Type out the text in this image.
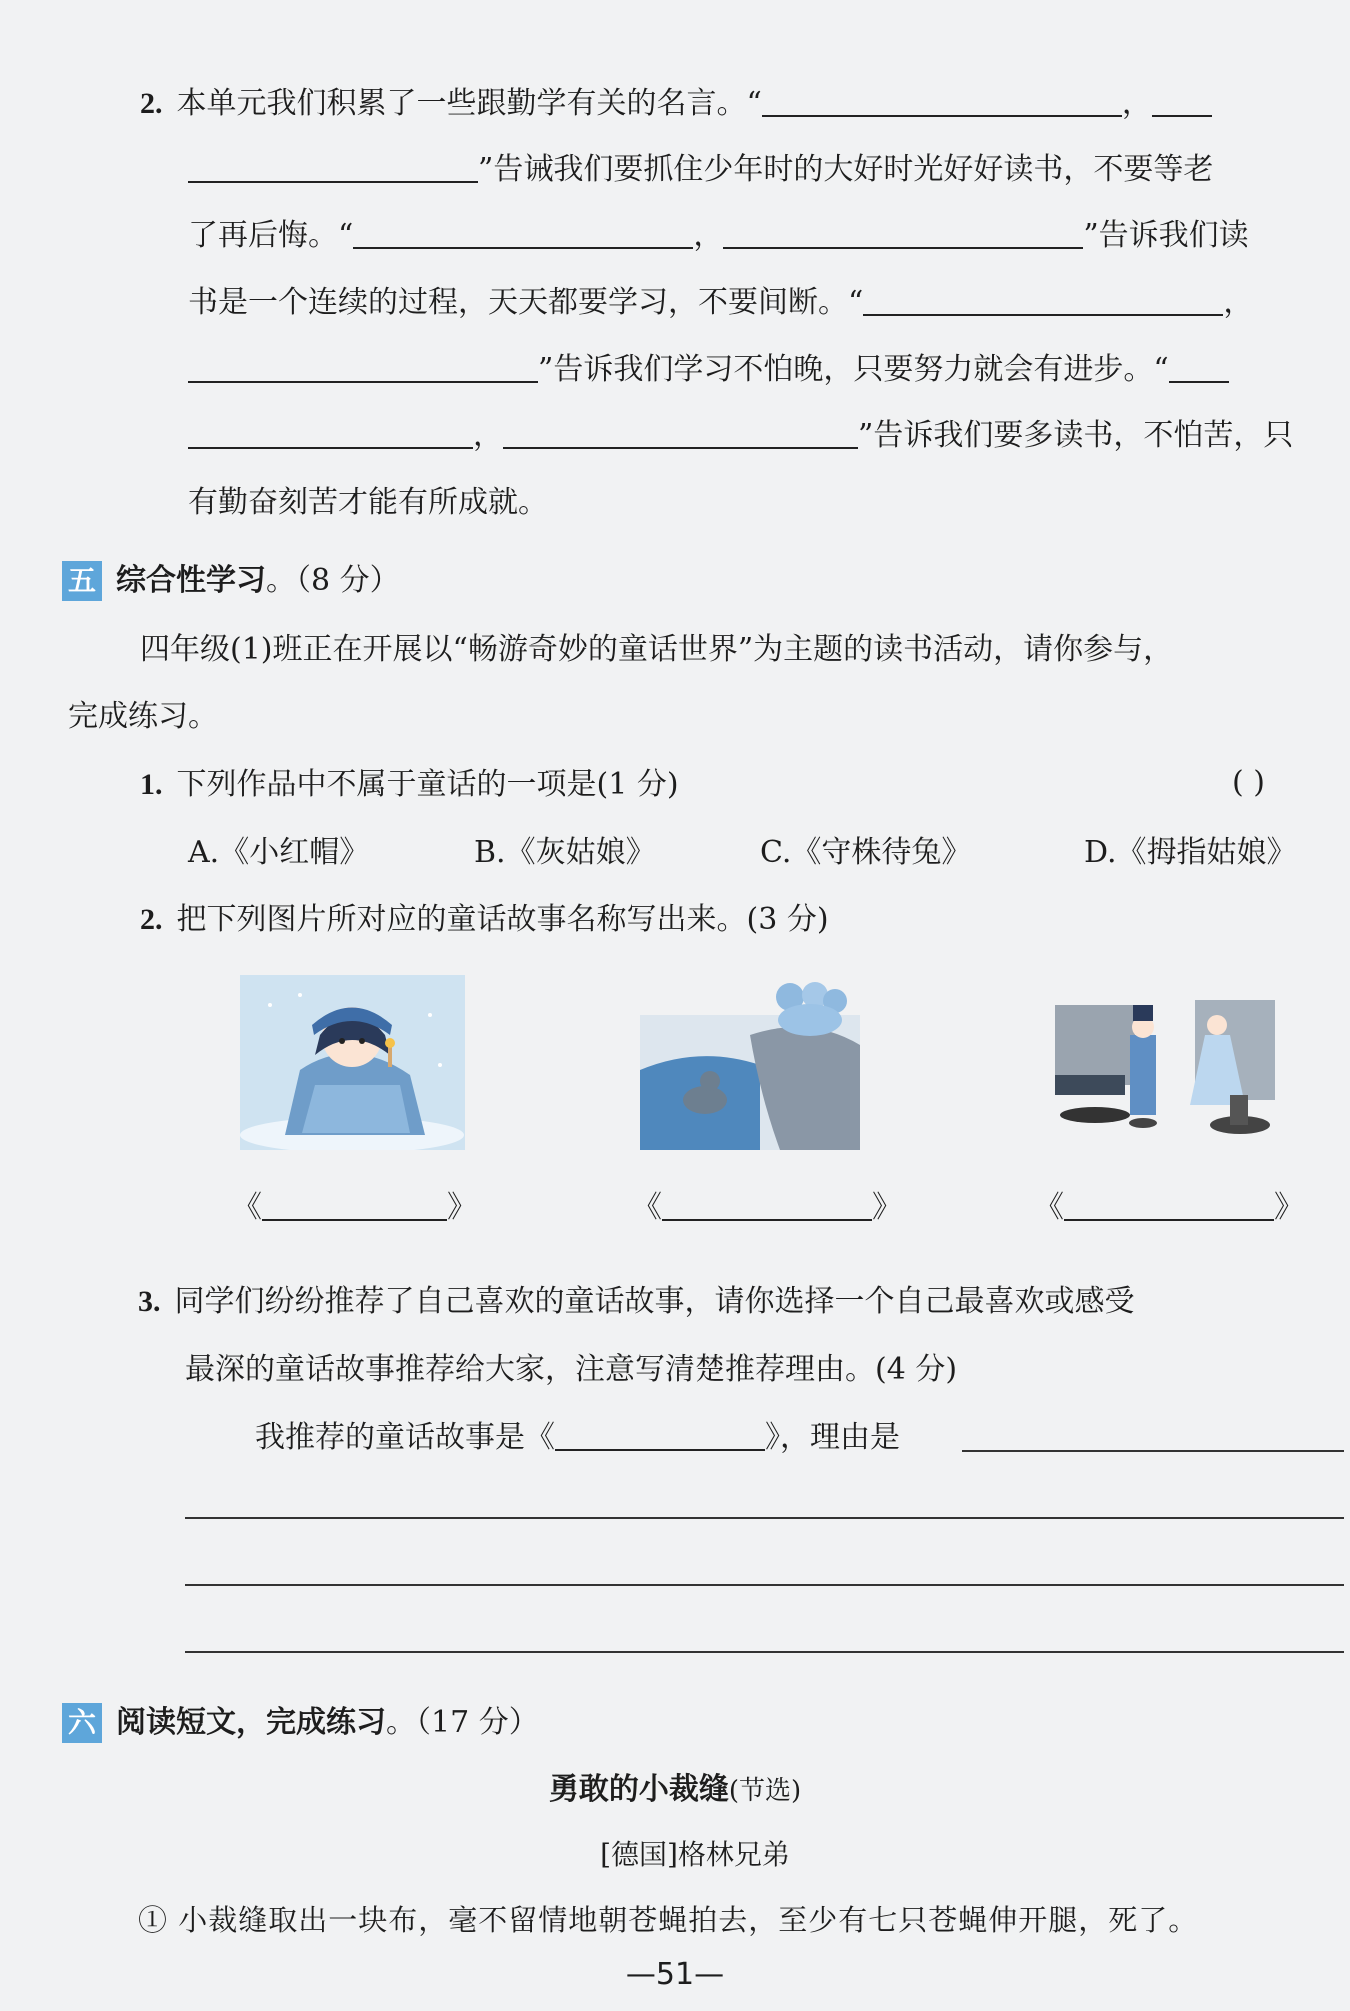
2. 本单元我们积累了一些跟勤学有关的名言。“	，
”告诫我们要抓住少年时的大好时光好好读书，不要等老
了再后悔。“	，	”告诉我们读
书是一个连续的过程，天天都要学习，不要间断。“	，
”告诉我们学习不怕晚，只要努力就会有进步。“
，	”告诉我们要多读书，不怕苦，只
有勤奋刻苦才能有所成就。
五 综合性学习。（8 分）
四年级(1)班正在开展以“畅游奇妙的童话世界”为主题的读书活动，请你参与，
完成练习。
1. 下列作品中不属于童话的一项是(1 分)	( )
A.《小红帽》	B.《灰姑娘》	C.《守株待兔》	D.《拇指姑娘》
2. 把下列图片所对应的童话故事名称写出来。(3 分)
《	》	《	》	《	》
3. 同学们纷纷推荐了自己喜欢的童话故事，请你选择一个自己最喜欢或感受
最深的童话故事推荐给大家，注意写清楚推荐理由。(4 分)
我推荐的童话故事是《	》，理由是
六 阅读短文，完成练习。（17 分）
勇敢的小裁缝(节选)
[德国]格林兄弟
① 小裁缝取出一块布，毫不留情地朝苍蝇拍去，至少有七只苍蝇伸开腿，死了。
—51—
